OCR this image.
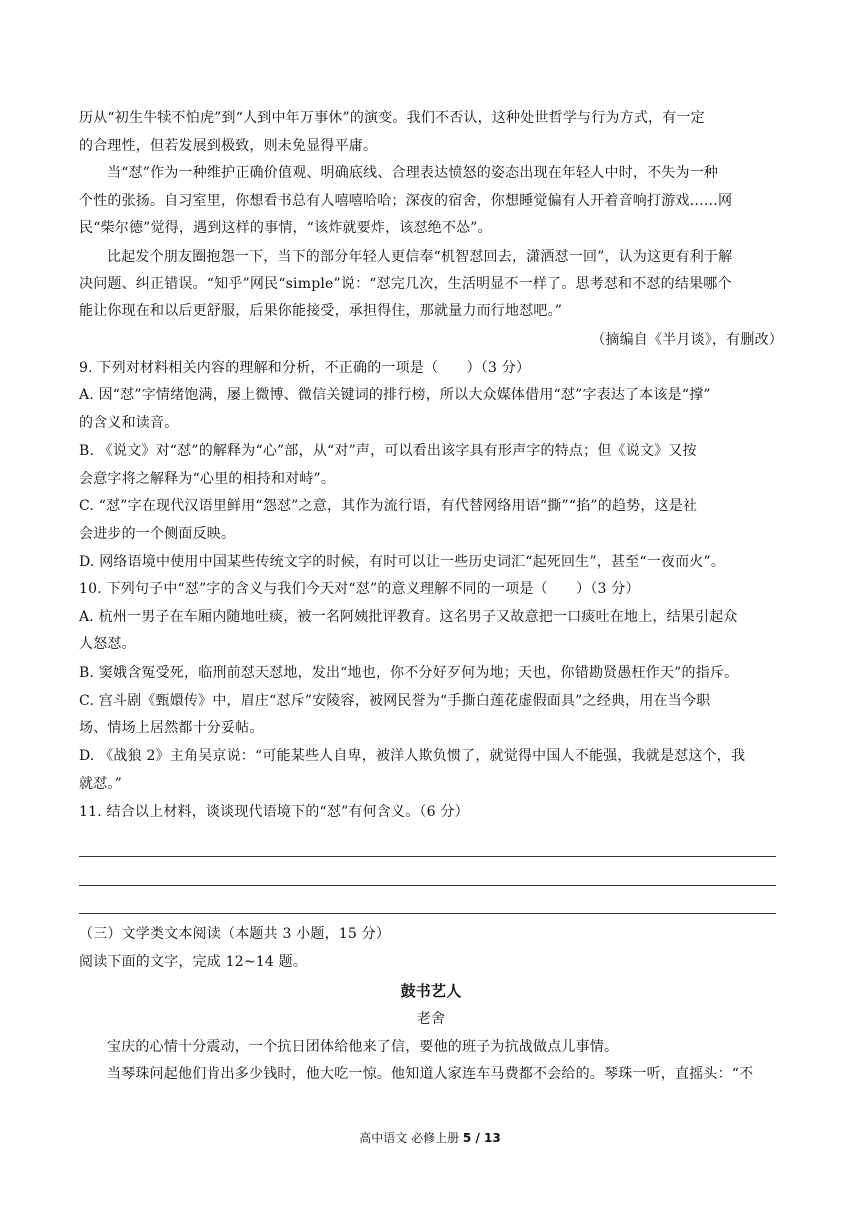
历从“初生牛犊不怕虎”到“人到中年万事休”的演变。我们不否认，这种处世哲学与行为方式，有一定
的合理性，但若发展到极致，则未免显得平庸。
当“怼”作为一种维护正确价值观、明确底线、合理表达愤怒的姿态出现在年轻人中时，不失为一种
个性的张扬。自习室里，你想看书总有人嘻嘻哈哈；深夜的宿舍，你想睡觉偏有人开着音响打游戏……网
民“柴尔德”觉得，遇到这样的事情，“该炸就要炸，该怼绝不怂”。
比起发个朋友圈抱怨一下，当下的部分年轻人更信奉“机智怼回去，潇洒怼一回”，认为这更有利于解
决问题、纠正错误。“知乎”网民“simple”说：“怼完几次，生活明显不一样了。思考怼和不怼的结果哪个
能让你现在和以后更舒服，后果你能接受，承担得住，那就量力而行地怼吧。”
（摘编自《半月谈》，有删改）
9. 下列对材料相关内容的理解和分析，不正确的一项是（　　）（3 分）
A. 因“怼”字情绪饱满，屡上微博、微信关键词的排行榜，所以大众媒体借用“怼”字表达了本该是“撑”
的含义和读音。
B. 《说文》对“怼”的解释为“心”部，从“对”声，可以看出该字具有形声字的特点；但《说文》又按
会意字将之解释为“心里的相持和对峙”。
C. “怼”字在现代汉语里鲜用“怨怼”之意，其作为流行语，有代替网络用语“撕”“掐”的趋势，这是社
会进步的一个侧面反映。
D. 网络语境中使用中国某些传统文字的时候，有时可以让一些历史词汇“起死回生”，甚至“一夜而火”。
10. 下列句子中“怼”字的含义与我们今天对“怼”的意义理解不同的一项是（　　）（3 分）
A. 杭州一男子在车厢内随地吐痰，被一名阿姨批评教育。这名男子又故意把一口痰吐在地上，结果引起众
人怒怼。
B. 窦娥含冤受死，临刑前怼天怼地，发出“地也，你不分好歹何为地；天也，你错勘贤愚枉作天”的指斥。
C. 宫斗剧《甄嬛传》中，眉庄“怼斥”安陵容，被网民誉为“手撕白莲花虚假面具”之经典，用在当今职
场、情场上居然都十分妥帖。
D. 《战狼 2》主角吴京说：“可能某些人自卑，被洋人欺负惯了，就觉得中国人不能强，我就是怼这个，我
就怼。”
11. 结合以上材料，谈谈现代语境下的“怼”有何含义。（6 分）
（三）文学类文本阅读（本题共 3 小题，15 分）
阅读下面的文字，完成 12~14 题。
鼓书艺人
老舍
宝庆的心情十分震动，一个抗日团体给他来了信，要他的班子为抗战做点儿事情。
当琴珠问起他们肯出多少钱时，他大吃一惊。他知道人家连车马费都不会给的。琴珠一听，直摇头：“不
高中语文 必修上册 5 / 13
